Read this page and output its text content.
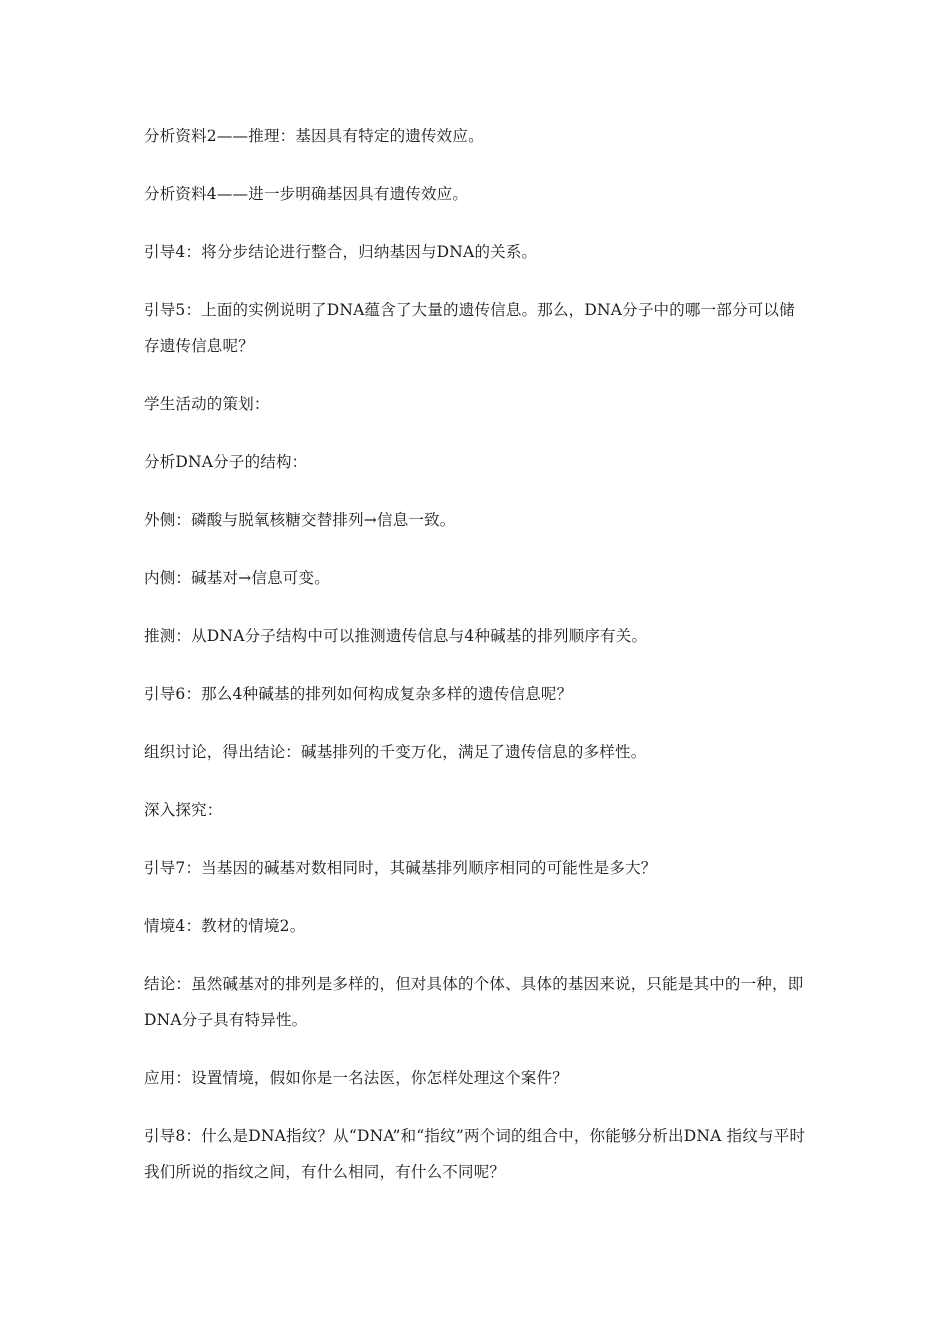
分析资料2——推理：基因具有特定的遗传效应。

分析资料4——进一步明确基因具有遗传效应。

引导4：将分步结论进行整合，归纳基因与DNA的关系。

引导5：上面的实例说明了DNA蕴含了大量的遗传信息。那么，DNA分子中的哪一部分可以储存遗传信息呢？

学生活动的策划：

分析DNA分子的结构：

外侧：磷酸与脱氧核糖交替排列→信息一致。

内侧：碱基对→信息可变。

推测：从DNA分子结构中可以推测遗传信息与4种碱基的排列顺序有关。

引导6：那么4种碱基的排列如何构成复杂多样的遗传信息呢？

组织讨论，得出结论：碱基排列的千变万化，满足了遗传信息的多样性。

深入探究：

引导7：当基因的碱基对数相同时，其碱基排列顺序相同的可能性是多大？

情境4：教材的情境2。

结论：虽然碱基对的排列是多样的，但对具体的个体、具体的基因来说，只能是其中的一种，即DNA分子具有特异性。

应用：设置情境，假如你是一名法医，你怎样处理这个案件？

引导8：什么是DNA指纹？从“DNA”和“指纹”两个词的组合中，你能够分析出DNA 指纹与平时我们所说的指纹之间，有什么相同，有什么不同呢？
